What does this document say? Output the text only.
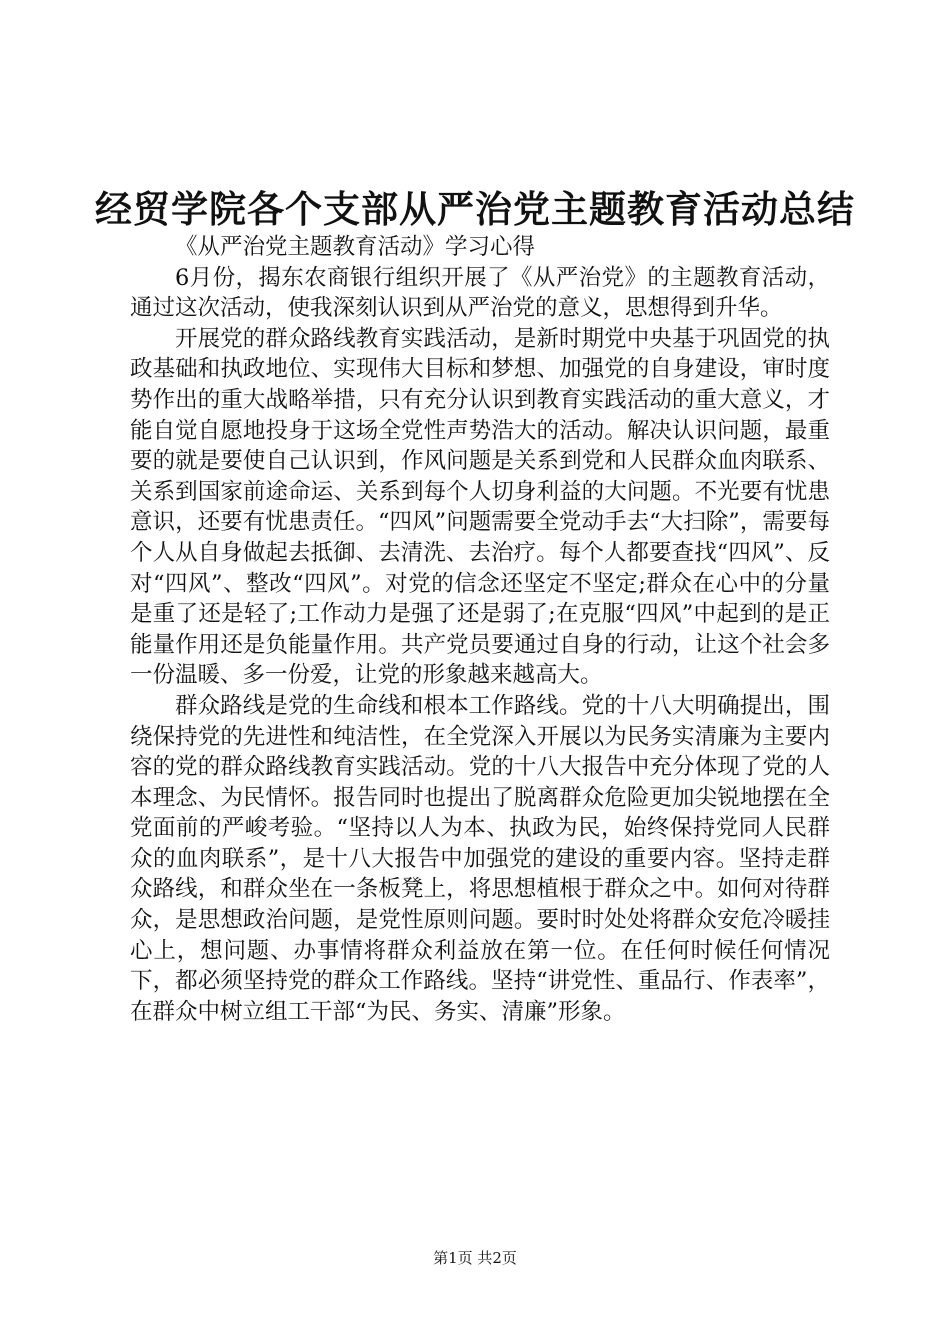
经贸学院各个支部从严治党主题教育活动总结

《从严治党主题教育活动》学习心得

6月份，揭东农商银行组织开展了《从严治党》的主题教育活动，通过这次活动，使我深刻认识到从严治党的意义，思想得到升华。

开展党的群众路线教育实践活动，是新时期党中央基于巩固党的执政基础和执政地位、实现伟大目标和梦想、加强党的自身建设，审时度势作出的重大战略举措，只有充分认识到教育实践活动的重大意义，才能自觉自愿地投身于这场全党性声势浩大的活动。解决认识问题，最重要的就是要使自己认识到，作风问题是关系到党和人民群众血肉联系、关系到国家前途命运、关系到每个人切身利益的大问题。不光要有忧患意识，还要有忧患责任。“四风”问题需要全党动手去“大扫除”，需要每个人从自身做起去抵御、去清洗、去治疗。每个人都要查找“四风”、反对“四风”、整改“四风”。对党的信念还坚定不坚定;群众在心中的分量是重了还是轻了;工作动力是强了还是弱了;在克服“四风”中起到的是正能量作用还是负能量作用。共产党员要通过自身的行动，让这个社会多一份温暖、多一份爱，让党的形象越来越高大。

群众路线是党的生命线和根本工作路线。党的十八大明确提出，围绕保持党的先进性和纯洁性，在全党深入开展以为民务实清廉为主要内容的党的群众路线教育实践活动。党的十八大报告中充分体现了党的人本理念、为民情怀。报告同时也提出了脱离群众危险更加尖锐地摆在全党面前的严峻考验。“坚持以人为本、执政为民，始终保持党同人民群众的血肉联系”，是十八大报告中加强党的建设的重要内容。坚持走群众路线，和群众坐在一条板凳上，将思想植根于群众之中。如何对待群众，是思想政治问题，是党性原则问题。要时时处处将群众安危冷暖挂心上，想问题、办事情将群众利益放在第一位。在任何时候任何情况下，都必须坚持党的群众工作路线。坚持“讲党性、重品行、作表率”，在群众中树立组工干部“为民、务实、清廉”形象。

第1页 共2页
